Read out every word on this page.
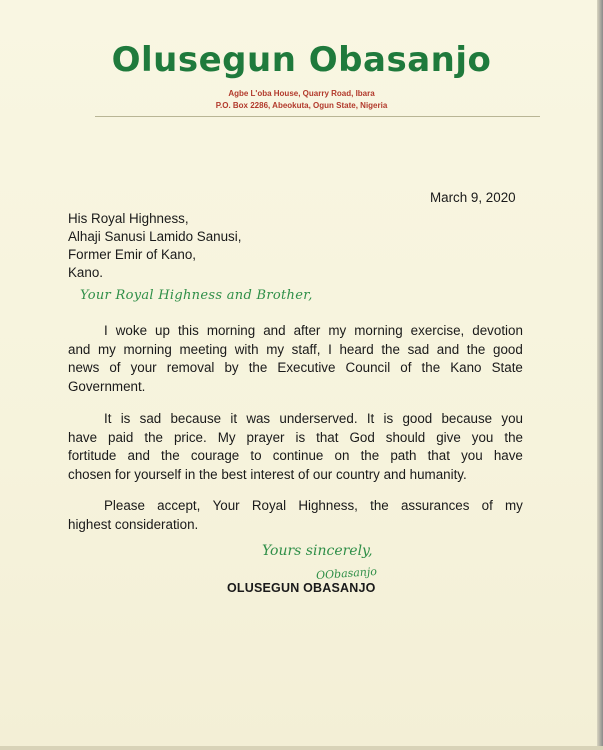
Olusegun Obasanjo
Agbe L'oba House, Quarry Road, Ibara
P.O. Box 2286, Abeokuta, Ogun State, Nigeria
March 9, 2020
His Royal Highness,
Alhaji Sanusi Lamido Sanusi,
Former Emir of Kano,
Kano.
Your Royal Highness and Brother,
I woke up this morning and after my morning exercise, devotion
and my morning meeting with my staff, I heard the sad and the good
news of your removal by the Executive Council of the Kano State
Government.
It is sad because it was underserved. It is good because you
have paid the price. My prayer is that God should give you the
fortitude and the courage to continue on the path that you have
chosen for yourself in the best interest of our country and humanity.
Please accept, Your Royal Highness, the assurances of my
highest consideration.
Yours sincerely,
OLUSEGUN OBASANJO
OObasanjo
